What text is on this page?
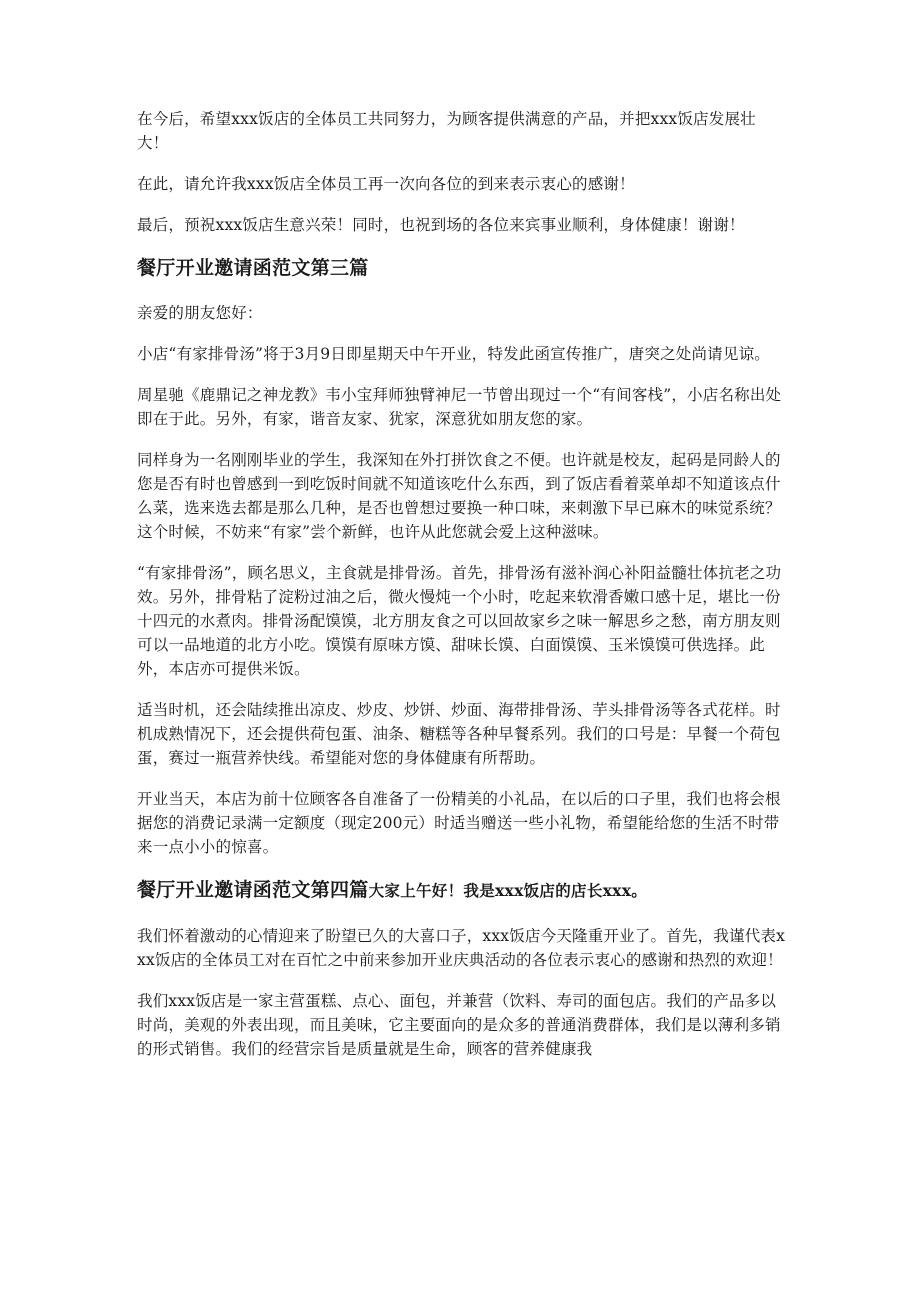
在今后，希望xxx饭店的全体员工共同努力，为顾客提供满意的产品，并把xxx饭店发展壮大！

在此，请允许我xxx饭店全体员工再一次向各位的到来表示衷心的感谢！

最后，预祝xxx饭店生意兴荣！同时，也祝到场的各位来宾事业顺利，身体健康！谢谢！

餐厅开业邀请函范文第三篇

亲爱的朋友您好：

小店“有家排骨汤”将于3月9日即星期天中午开业，特发此函宣传推广，唐突之处尚请见谅。

周星驰《鹿鼎记之神龙教》韦小宝拜师独臂神尼一节曾出现过一个“有间客栈”，小店名称出处即在于此。另外，有家，谐音友家、犹家，深意犹如朋友您的家。

同样身为一名刚刚毕业的学生，我深知在外打拼饮食之不便。也许就是校友，起码是同龄人的您是否有时也曾感到一到吃饭时间就不知道该吃什么东西，到了饭店看着菜单却不知道该点什么菜，选来选去都是那么几种，是否也曾想过要换一种口味，来刺激下早已麻木的味觉系统？这个时候，不妨来“有家”尝个新鲜，也许从此您就会爱上这种滋味。

“有家排骨汤”，顾名思义，主食就是排骨汤。首先，排骨汤有滋补润心补阳益髓壮体抗老之功效。另外，排骨粘了淀粉过油之后，微火慢炖一个小时，吃起来软滑香嫩口感十足，堪比一份十四元的水煮肉。排骨汤配馍馍，北方朋友食之可以回故家乡之味一解思乡之愁，南方朋友则可以一品地道的北方小吃。馍馍有原味方馍、甜味长馍、白面馍馍、玉米馍馍可供选择。此外，本店亦可提供米饭。

适当时机，还会陆续推出凉皮、炒皮、炒饼、炒面、海带排骨汤、芋头排骨汤等各式花样。时机成熟情况下，还会提供荷包蛋、油条、糖糕等各种早餐系列。我们的口号是：早餐一个荷包蛋，赛过一瓶营养快线。希望能对您的身体健康有所帮助。

开业当天，本店为前十位顾客各自准备了一份精美的小礼品，在以后的口子里，我们也将会根据您的消费记录满一定额度（现定200元）时适当赠送一些小礼物，希望能给您的生活不时带来一点小小的惊喜。

餐厅开业邀请函范文第四篇大家上午好！我是xxx饭店的店长xxx。

我们怀着激动的心情迎来了盼望已久的大喜口子，xxx饭店今天隆重开业了。首先，我谨代表xxx饭店的全体员工对在百忙之中前来参加开业庆典活动的各位表示衷心的感谢和热烈的欢迎！

我们xxx饭店是一家主营蛋糕、点心、面包，并兼营（饮料、寿司的面包店。我们的产品多以时尚，美观的外表出现，而且美味，它主要面向的是众多的普通消费群体，我们是以薄利多销的形式销售。我们的经营宗旨是质量就是生命，顾客的营养健康我
